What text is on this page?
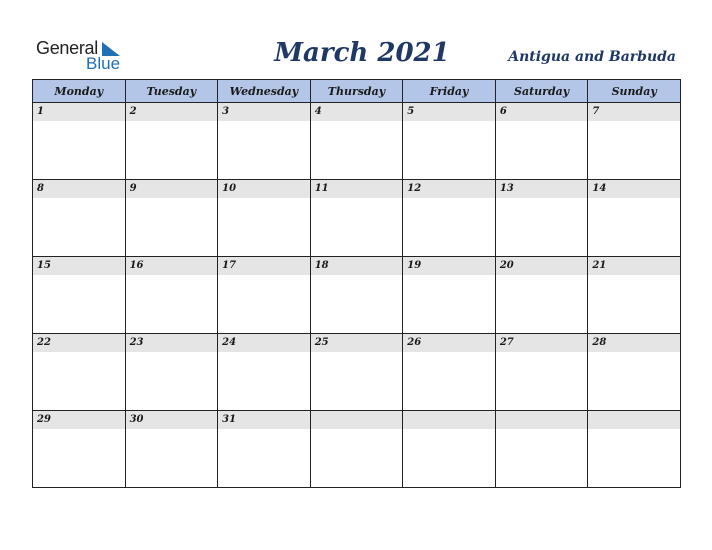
General
Blue	March 2021	Antigua and Barbuda
Monday	Tuesday	Wednesday	Thursday	Friday	Saturday	Sunday

1	2	3	4	5	6	7

8	9	10	11	12	13	14

15	16	17	18	19	20	21

22	23	24	25	26	27	28

29	30	31				
